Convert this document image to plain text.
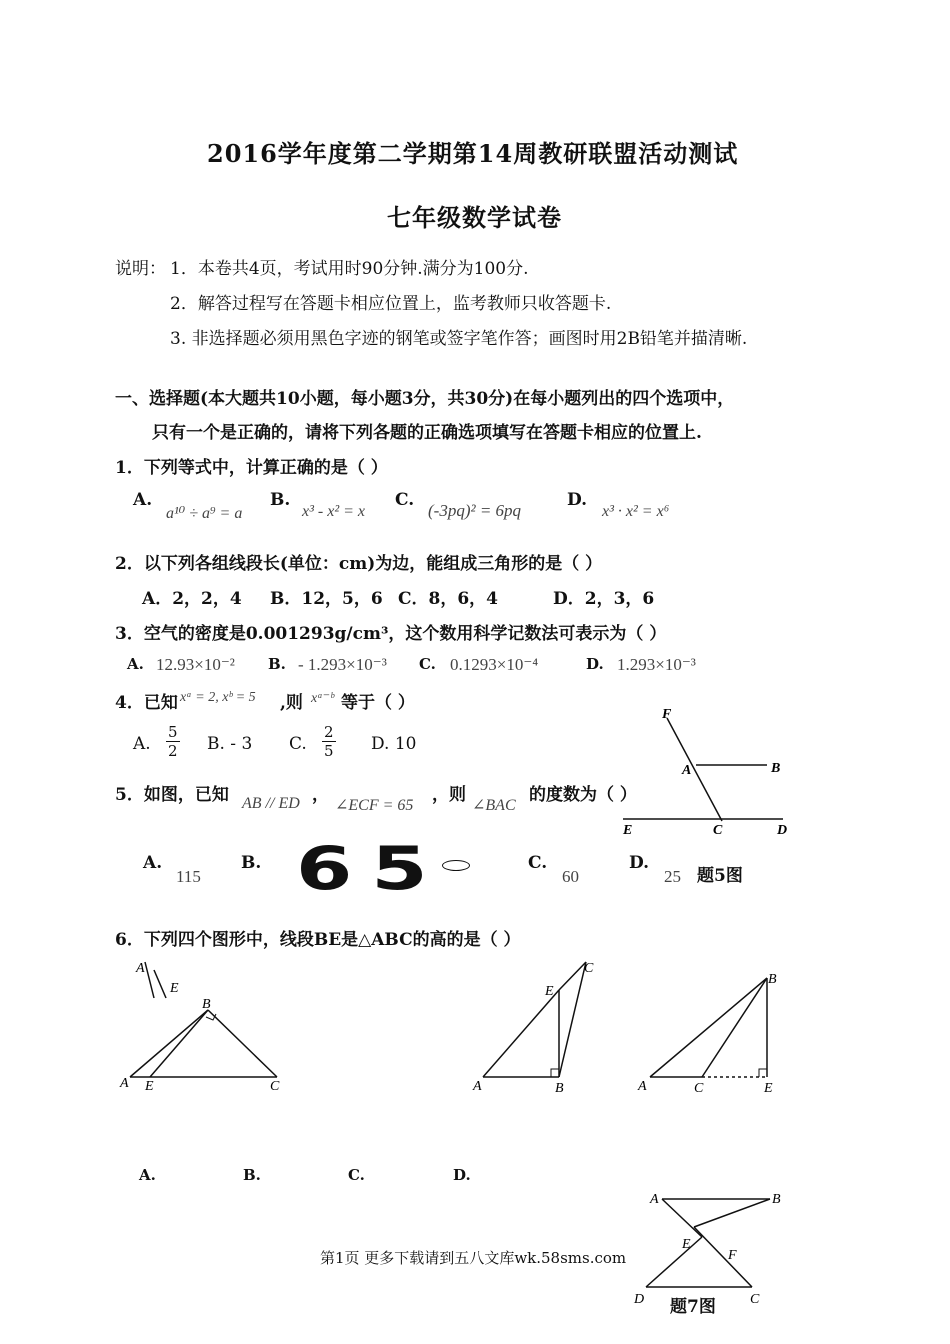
2016学年度第二学期第14周教研联盟活动测试
七年级数学试卷
说明： 1．本卷共4页，考试用时90分钟.满分为100分.
2．解答过程写在答题卡相应位置上，监考教师只收答题卡.
3. 非选择题必须用黑色字迹的钢笔或签字笔作答；画图时用2B铅笔并描清晰.
一、选择题(本大题共10小题，每小题3分，共30分)在每小题列出的四个选项中，
只有一个是正确的，请将下列各题的正确选项填写在答题卡相应的位置上.
1．下列等式中，计算正确的是（ ）
A.
a¹⁰ ÷ a⁹ = a
B.
x³ - x² = x
C.
(-3pq)² = 6pq
D.
x³ · x² = x⁶
2．以下列各组线段长(单位：cm)为边，能组成三角形的是（ ）
A．2，2，4 B．12，5，6 C．8，6，4	D．2，3，6
3．空气的密度是0.001293g/cm³，这个数用科学记数法可表示为（ ）
A. 12.93×10⁻² B. - 1.293×10⁻³ C. 0.1293×10⁻⁴	D. 1.293×10⁻³
4．已知 xᵃ = 2, xᵇ = 5 ,则 xᵃ⁻ᵇ 等于（ ）
A. $\frac{5}{2} B$. - 3 C. $\frac{2}{5} D$. 10
5．如图，已知 AB // ED ，
∠ECF = 65
，则
∠BAC
的度数为（ ）
A.
115
B. 65	C.
60
D.
25 题5图
F
A	B
E	C	D
6．下列四个图形中，线段BE是△ABC的高的是（ ）
A
E
A E
B
C	A	B
E
C
A	C	E
B
A.	B.	C.	D.
A	B
E
F
D	C
题7图
第1页 更多下载请到五八文库wk.58sms.com
